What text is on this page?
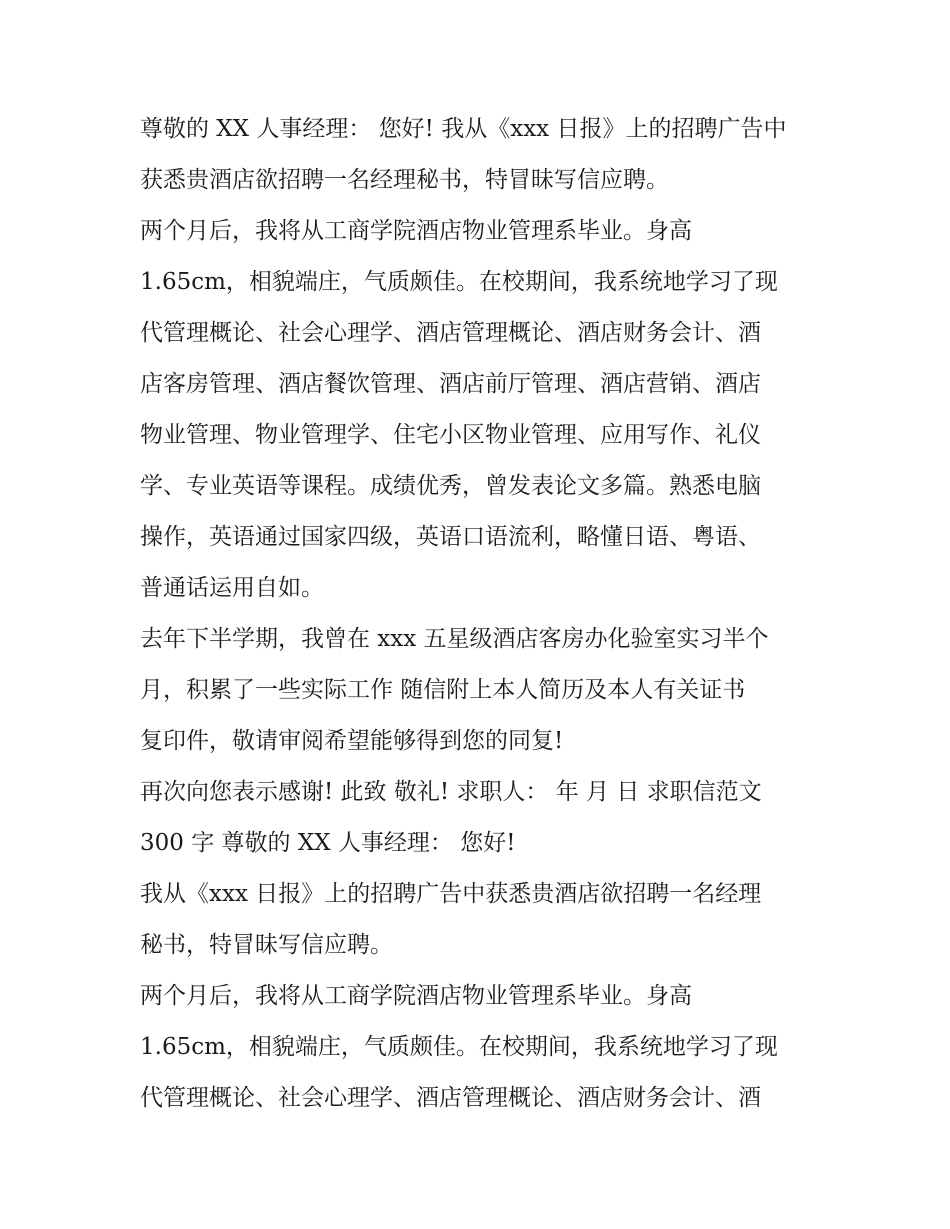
尊敬的 XX 人事经理： 您好! 我从《xxx 日报》上的招聘广告中
获悉贵酒店欲招聘一名经理秘书，特冒昧写信应聘。
两个月后，我将从工商学院酒店物业管理系毕业。身高
1.65cm，相貌端庄，气质颇佳。在校期间，我系统地学习了现
代管理概论、社会心理学、酒店管理概论、酒店财务会计、酒
店客房管理、酒店餐饮管理、酒店前厅管理、酒店营销、酒店
物业管理、物业管理学、住宅小区物业管理、应用写作、礼仪
学、专业英语等课程。成绩优秀，曾发表论文多篇。熟悉电脑
操作，英语通过国家四级，英语口语流利，略懂日语、粤语、
普通话运用自如。
去年下半学期，我曾在 xxx 五星级酒店客房办化验室实习半个
月，积累了一些实际工作 随信附上本人简历及本人有关证书
复印件，敬请审阅希望能够得到您的同复!
再次向您表示感谢! 此致 敬礼! 求职人： 年 月 日 求职信范文
300 字 尊敬的 XX 人事经理： 您好!
我从《xxx 日报》上的招聘广告中获悉贵酒店欲招聘一名经理
秘书，特冒昧写信应聘。
两个月后，我将从工商学院酒店物业管理系毕业。身高
1.65cm，相貌端庄，气质颇佳。在校期间，我系统地学习了现
代管理概论、社会心理学、酒店管理概论、酒店财务会计、酒
